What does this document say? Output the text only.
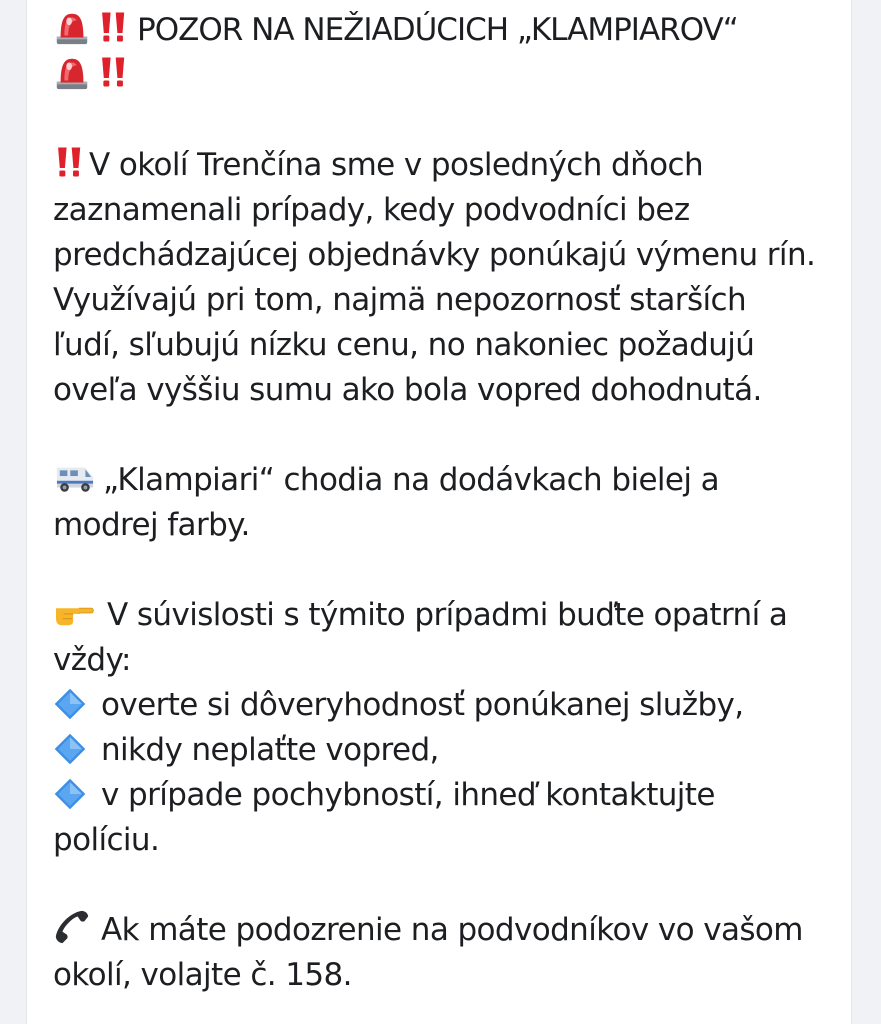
POZOR NA NEŽIADÚCICH „KLAMPIAROV“
V okolí Trenčína sme v posledných dňoch
zaznamenali prípady, kedy podvodníci bez
predchádzajúcej objednávky ponúkajú výmenu rín.
Využívajú pri tom, najmä nepozornosť starších
ľudí, sľubujú nízku cenu, no nakoniec požadujú
oveľa vyššiu sumu ako bola vopred dohodnutá.
„Klampiari“ chodia na dodávkach bielej a
modrej farby.
V súvislosti s týmito prípadmi buďte opatrní a
vždy:
overte si dôveryhodnosť ponúkanej služby,
nikdy neplaťte vopred,
v prípade pochybností, ihneď kontaktujte
políciu.
Ak máte podozrenie na podvodníkov vo vašom
okolí, volajte č. 158.
